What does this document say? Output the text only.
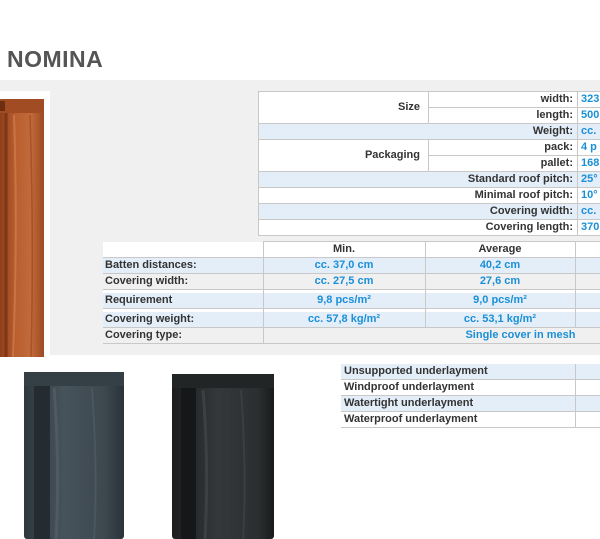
NOMINA
Size	width:	323
	length:	500
Weight:		cc.
Packaging	pack:	4 p
	pallet:	168
Standard roof pitch:		25°
Minimal roof pitch:		10°
Covering width:		cc.
Covering length:		370
	Min.	Average	
Batten distances:	cc. 37,0 cm	40,2 cm	
Covering width:	cc. 27,5 cm	27,6 cm	

Requirement	9,8 pcs/m²	9,0 pcs/m²	

Covering weight:	cc. 57,8 kg/m²	cc. 53,1 kg/m²	
Covering type:	Single cover in mesh		
Unsupported underlayment	
Windproof underlayment	
Watertight underlayment	
Waterproof underlayment	
